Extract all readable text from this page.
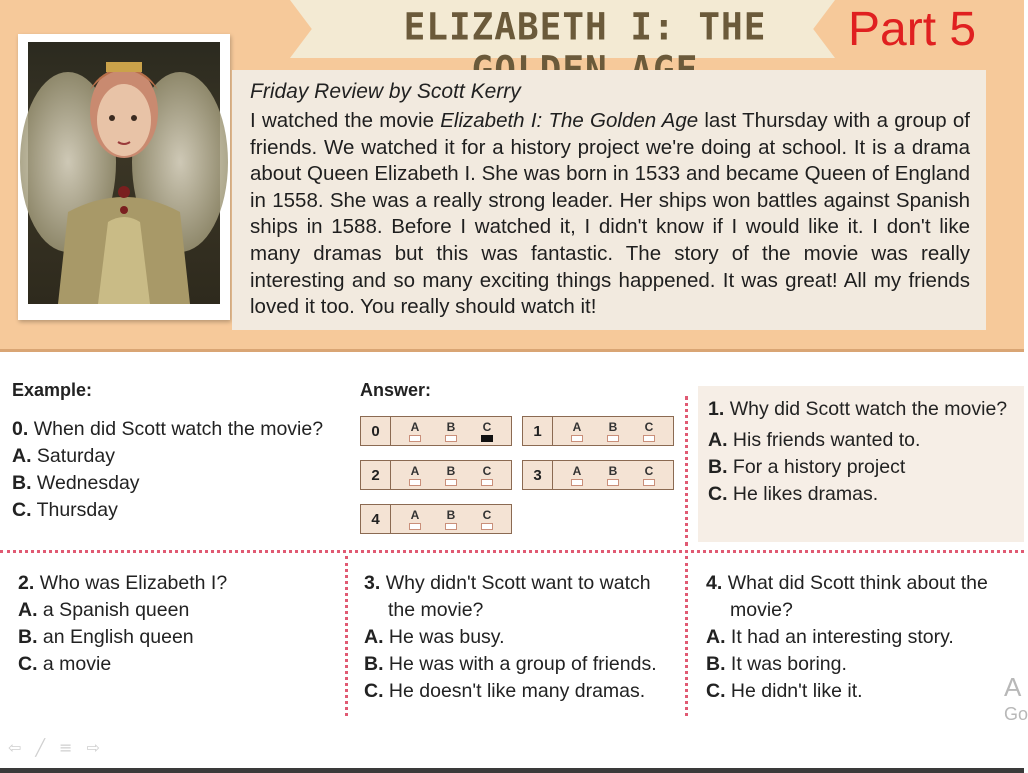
ELIZABETH I: THE	Part 5
Friday Review by Scott Kerry
I watched the movie Elizabeth I: The Golden Age last Thursday with a group of friends. We watched it for a history project we're doing at school. It is a drama about Queen Elizabeth I. She was born in 1533 and became Queen of England in 1558. She was a really strong leader. Her ships won battles against Spanish ships in 1588. Before I watched it, I didn't know if I would like it. I don't like many dramas but this was fantastic. The story of the movie was really interesting and so many exciting things happened. It was great! All my friends loved it too. You really should watch it!
Example:	Answer:
0. When did Scott watch the movie?
A. Saturday
B. Wednesday
C. Thursday
1. Why did Scott watch the movie?
A. His friends wanted to.
B. For a history project
C. He likes dramas.
0	A B C	1	A B C
2	A B C	3	A B C
4	A B C
2. Who was Elizabeth I?
A. a Spanish queen
B. an English queen
C. a movie
3. Why didn't Scott want to watch
the movie?
A. He was busy.
B. He was with a group of friends.
C. He doesn't like many dramas.
4. What did Scott think about the
movie?
A. It had an interesting story.
B. It was boring.
C. He didn't like it.	A
Go
⇦ ╱ ≡ ⇨
